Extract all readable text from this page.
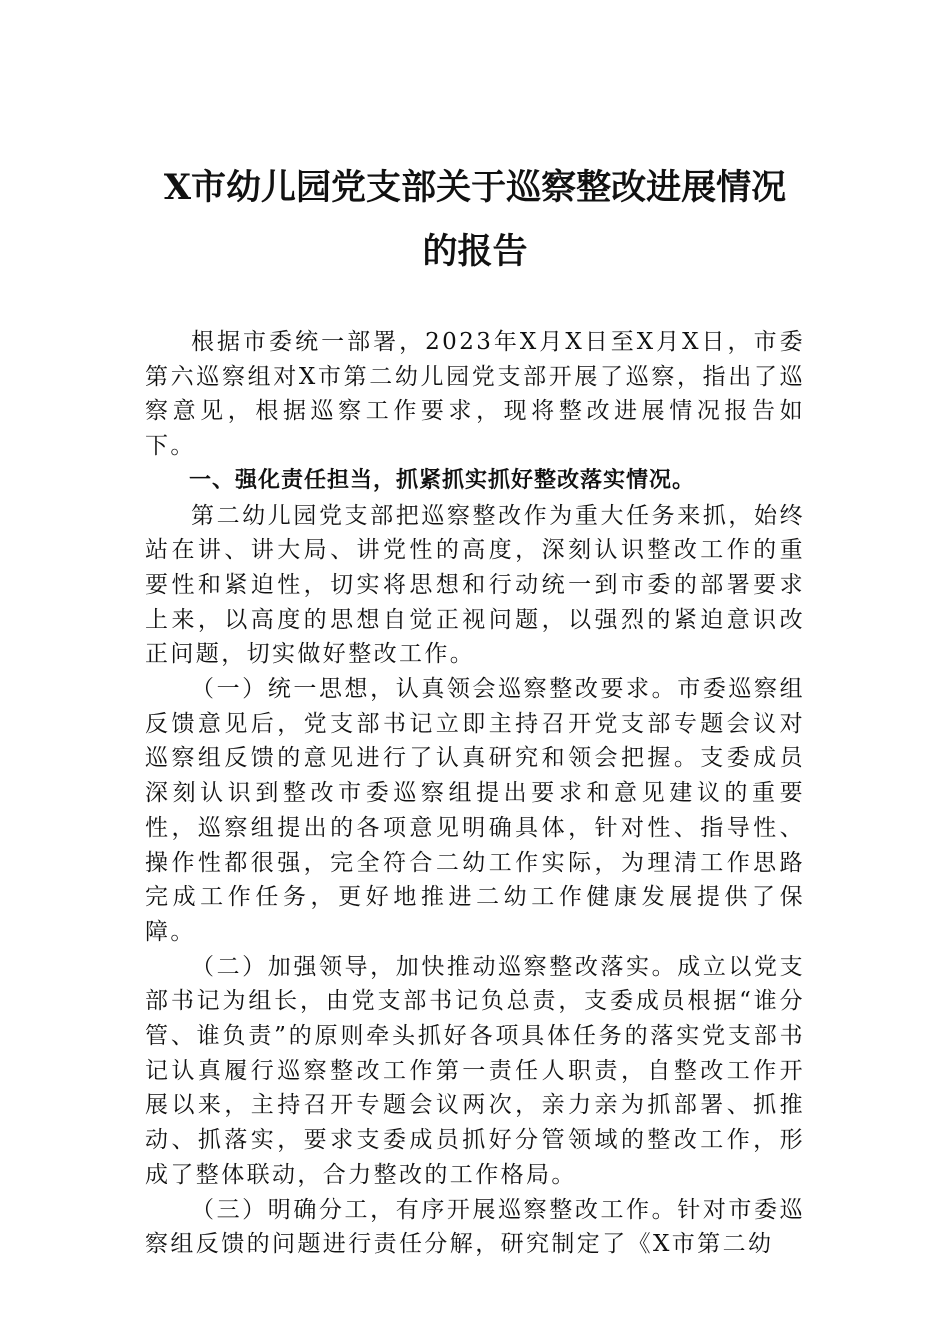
X市幼儿园党支部关于巡察整改进展情况
的报告

根据市委统一部署，2023年X月X日至X月X日，市委第六巡察组对X市第二幼儿园党支部开展了巡察，指出了巡察意见，根据巡察工作要求，现将整改进展情况报告如下。

一、强化责任担当，抓紧抓实抓好整改落实情况。

第二幼儿园党支部把巡察整改作为重大任务来抓，始终站在讲、讲大局、讲党性的高度，深刻认识整改工作的重要性和紧迫性，切实将思想和行动统一到市委的部署要求上来，以高度的思想自觉正视问题，以强烈的紧迫意识改正问题，切实做好整改工作。

（一）统一思想，认真领会巡察整改要求。市委巡察组反馈意见后，党支部书记立即主持召开党支部专题会议对巡察组反馈的意见进行了认真研究和领会把握。支委成员深刻认识到整改市委巡察组提出要求和意见建议的重要性，巡察组提出的各项意见明确具体，针对性、指导性、操作性都很强，完全符合二幼工作实际，为理清工作思路完成工作任务，更好地推进二幼工作健康发展提供了保障。

（二）加强领导，加快推动巡察整改落实。成立以党支部书记为组长，由党支部书记负总责，支委成员根据“谁分管、谁负责”的原则牵头抓好各项具体任务的落实党支部书记认真履行巡察整改工作第一责任人职责，自整改工作开展以来，主持召开专题会议两次，亲力亲为抓部署、抓推动、抓落实，要求支委成员抓好分管领域的整改工作，形成了整体联动，合力整改的工作格局。

（三）明确分工，有序开展巡察整改工作。针对市委巡察组反馈的问题进行责任分解，研究制定了《X市第二幼
